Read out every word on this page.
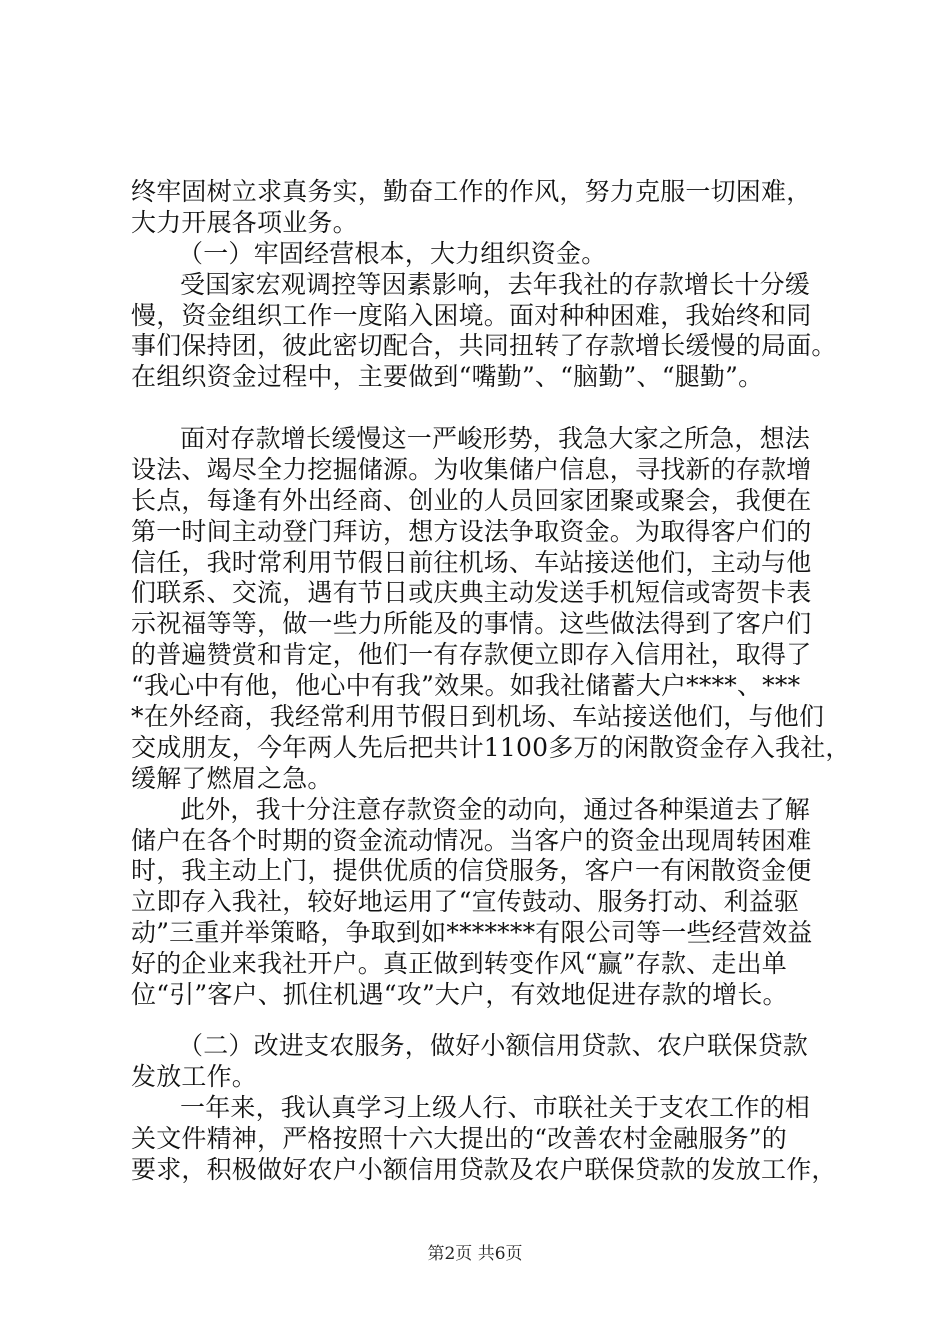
终牢固树立求真务实，勤奋工作的作风，努力克服一切困难，
大力开展各项业务。
（一）牢固经营根本，大力组织资金。
受国家宏观调控等因素影响，去年我社的存款增长十分缓
慢，资金组织工作一度陷入困境。面对种种困难，我始终和同
事们保持团，彼此密切配合，共同扭转了存款增长缓慢的局面。
在组织资金过程中，主要做到“嘴勤”、“脑勤”、“腿勤”。
面对存款增长缓慢这一严峻形势，我急大家之所急，想法
设法、竭尽全力挖掘储源。为收集储户信息，寻找新的存款增
长点，每逢有外出经商、创业的人员回家团聚或聚会，我便在
第一时间主动登门拜访，想方设法争取资金。为取得客户们的
信任，我时常利用节假日前往机场、车站接送他们，主动与他
们联系、交流，遇有节日或庆典主动发送手机短信或寄贺卡表
示祝福等等，做一些力所能及的事情。这些做法得到了客户们
的普遍赞赏和肯定，他们一有存款便立即存入信用社，取得了
“我心中有他，他心中有我”效果。如我社储蓄大户****、***
*在外经商，我经常利用节假日到机场、车站接送他们，与他们
交成朋友，今年两人先后把共计1100多万的闲散资金存入我社，
缓解了燃眉之急。
此外，我十分注意存款资金的动向，通过各种渠道去了解
储户在各个时期的资金流动情况。当客户的资金出现周转困难
时，我主动上门，提供优质的信贷服务，客户一有闲散资金便
立即存入我社，较好地运用了“宣传鼓动、服务打动、利益驱
动”三重并举策略，争取到如*******有限公司等一些经营效益
好的企业来我社开户。真正做到转变作风“赢”存款、走出单
位“引”客户、抓住机遇“攻”大户，有效地促进存款的增长。
（二）改进支农服务，做好小额信用贷款、农户联保贷款
发放工作。
一年来，我认真学习上级人行、市联社关于支农工作的相
关文件精神，严格按照十六大提出的“改善农村金融服务”的
要求，积极做好农户小额信用贷款及农户联保贷款的发放工作，
第2页 共6页
